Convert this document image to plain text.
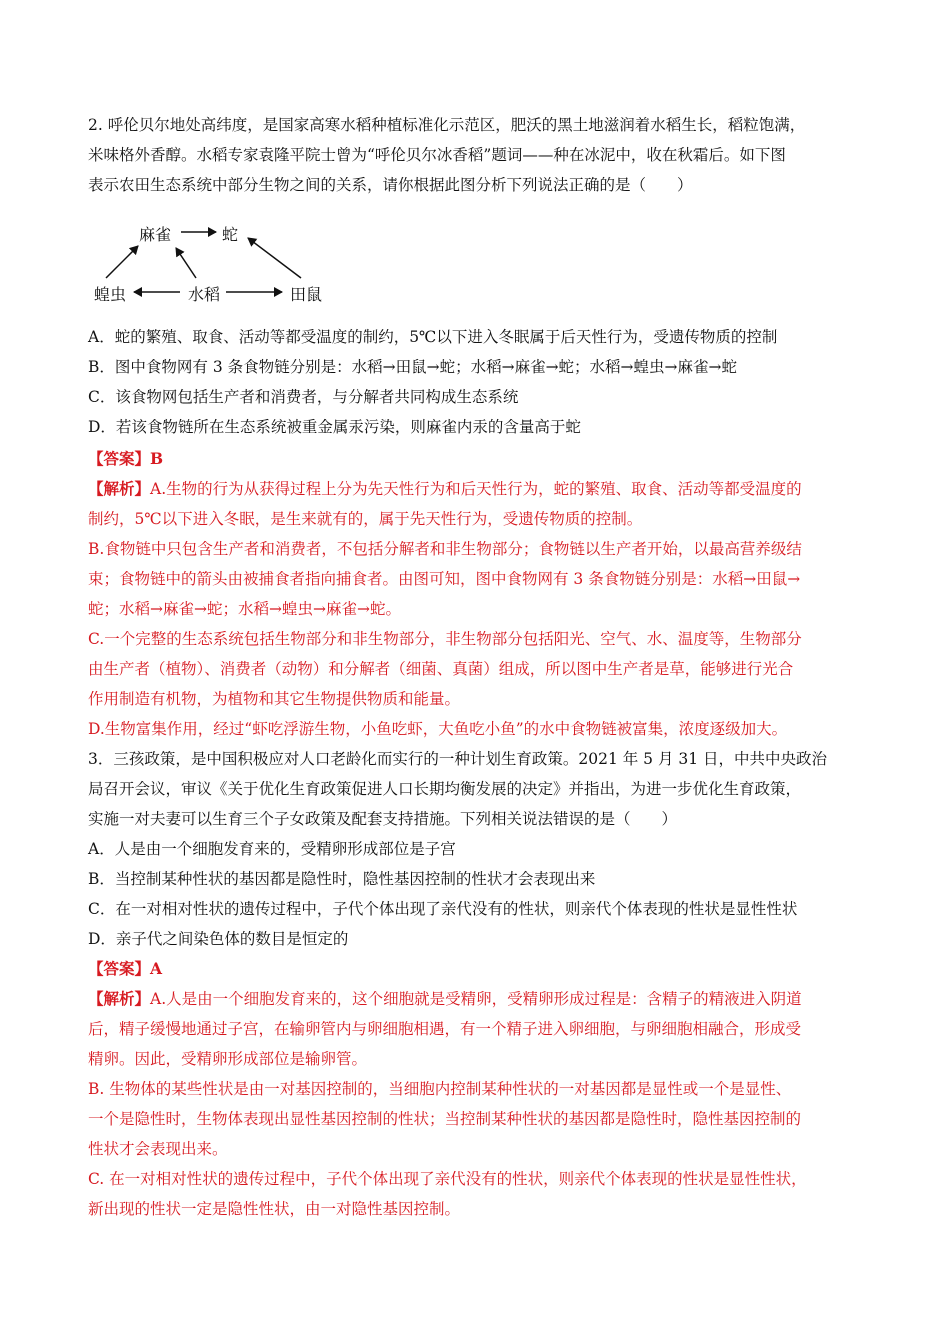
2. 呼伦贝尔地处高纬度，是国家高寒水稻种植标准化示范区，肥沃的黑土地滋润着水稻生长，稻粒饱满，
米味格外香醇。水稻专家袁隆平院士曾为“呼伦贝尔冰香稻”题词——种在冰泥中，收在秋霜后。如下图
表示农田生态系统中部分生物之间的关系，请你根据此图分析下列说法正确的是（　　）
麻雀	蛇
蝗虫	水稻	田鼠
A．蛇的繁殖、取食、活动等都受温度的制约，5℃以下进入冬眠属于后天性行为，受遗传物质的控制
B．图中食物网有 3 条食物链分别是：水稻→田鼠→蛇；水稻→麻雀→蛇；水稻→蝗虫→麻雀→蛇
C．该食物网包括生产者和消费者，与分解者共同构成生态系统
D．若该食物链所在生态系统被重金属汞污染，则麻雀内汞的含量高于蛇
【答案】B
【解析】A.生物的行为从获得过程上分为先天性行为和后天性行为，蛇的繁殖、取食、活动等都受温度的
制约，5℃以下进入冬眠，是生来就有的，属于先天性行为，受遗传物质的控制。
B.食物链中只包含生产者和消费者，不包括分解者和非生物部分；食物链以生产者开始，以最高营养级结
束；食物链中的箭头由被捕食者指向捕食者。由图可知，图中食物网有 3 条食物链分别是：水稻→田鼠→
蛇；水稻→麻雀→蛇；水稻→蝗虫→麻雀→蛇。
C.一个完整的生态系统包括生物部分和非生物部分，非生物部分包括阳光、空气、水、温度等，生物部分
由生产者（植物）、消费者（动物）和分解者（细菌、真菌）组成，所以图中生产者是草，能够进行光合
作用制造有机物，为植物和其它生物提供物质和能量。
D.生物富集作用，经过“虾吃浮游生物，小鱼吃虾，大鱼吃小鱼”的水中食物链被富集，浓度逐级加大。
3．三孩政策，是中国积极应对人口老龄化而实行的一种计划生育政策。2021 年 5 月 31 日，中共中央政治
局召开会议，审议《关于优化生育政策促进人口长期均衡发展的决定》并指出，为进一步优化生育政策，
实施一对夫妻可以生育三个子女政策及配套支持措施。下列相关说法错误的是（　　）
A．人是由一个细胞发育来的，受精卵形成部位是子宫
B．当控制某种性状的基因都是隐性时，隐性基因控制的性状才会表现出来
C．在一对相对性状的遗传过程中，子代个体出现了亲代没有的性状，则亲代个体表现的性状是显性性状
D．亲子代之间染色体的数目是恒定的
【答案】A
【解析】A.人是由一个细胞发育来的，这个细胞就是受精卵，受精卵形成过程是：含精子的精液进入阴道
后，精子缓慢地通过子宫，在输卵管内与卵细胞相遇，有一个精子进入卵细胞，与卵细胞相融合，形成受
精卵。因此，受精卵形成部位是输卵管。
B. 生物体的某些性状是由一对基因控制的，当细胞内控制某种性状的一对基因都是显性或一个是显性、
一个是隐性时，生物体表现出显性基因控制的性状；当控制某种性状的基因都是隐性时，隐性基因控制的
性状才会表现出来。
C. 在一对相对性状的遗传过程中，子代个体出现了亲代没有的性状，则亲代个体表现的性状是显性性状，
新出现的性状一定是隐性性状，由一对隐性基因控制。
